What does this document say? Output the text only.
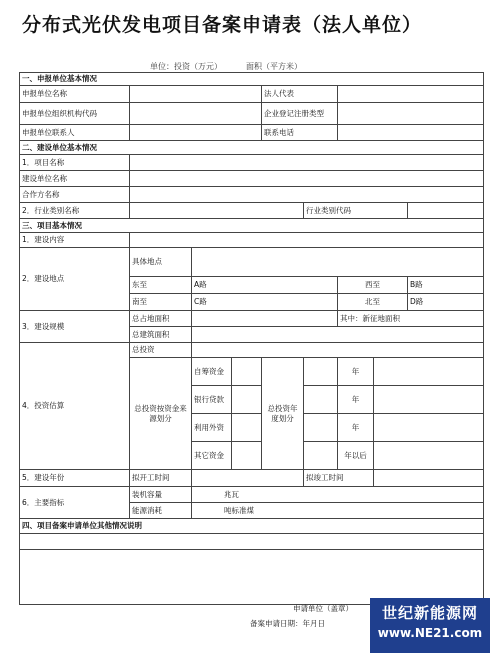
分布式光伏发电项目备案申请表（法人单位）
单位：投资（万元）	面积（平方米）
一、申报单位基本情况								
申报单位名称				法人代表				
申报单位组织机构代码				企业登记注册类型				
申报单位联系人				联系电话				
二、建设单位基本情况								
1．项目名称								
建设单位名称								
合作方名称								
2．行业类别名称					行业类别代码			
三、项目基本情况								
1．建设内容								
2．建设地点	具体地点							
	东至	A路				西至		B路
	南至	C路				北至		D路
3．建设规模	总占地面积					其中：新征地面积		
	总建筑面积							
4．投资估算	总投资							
	总投资按资金来源划分	自筹资金		总投资年度划分		年		
		银行贷款				年		
		利用外资				年		
		其它资金				年以后		
5．建设年份	拟开工时间				拟竣工时间			
6．主要指标	装机容量	　　　　兆瓦						
	能源消耗	　　　　吨标准煤						
四、项目备案申请单位其他情况说明								

申请单位（盖章）
备案申请日期：年月日
世纪新能源网
www.NE21.com
